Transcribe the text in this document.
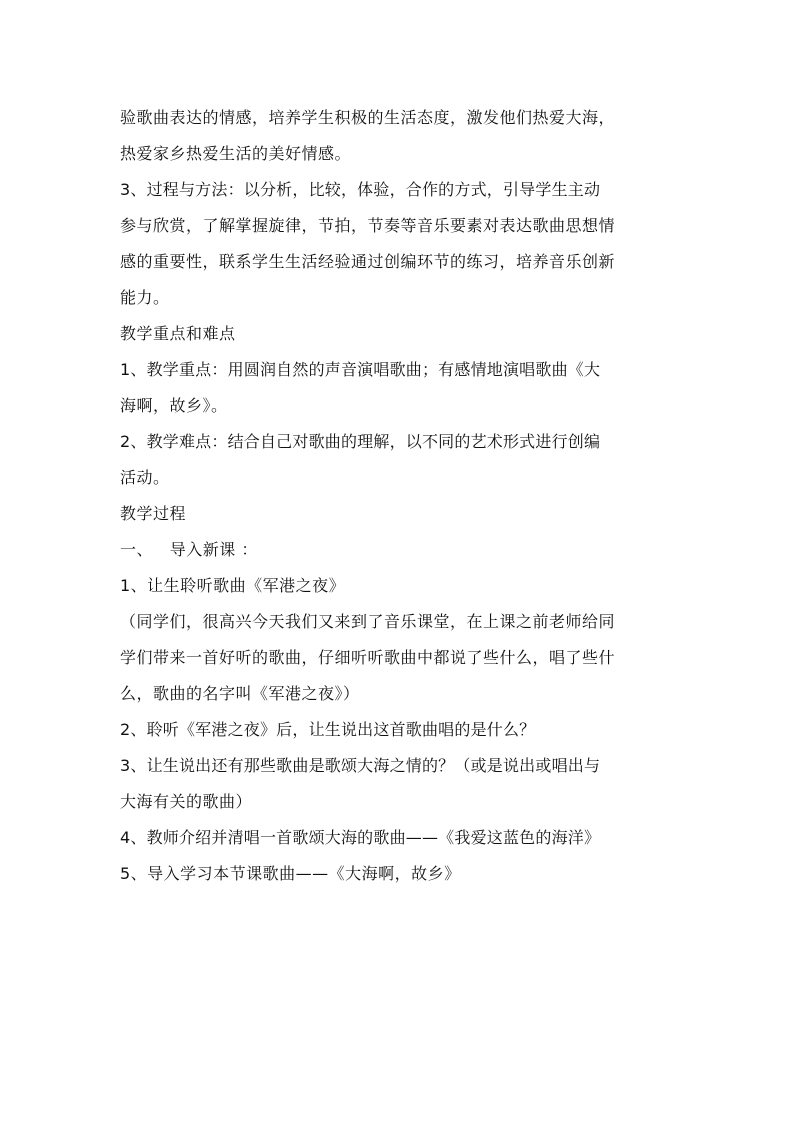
验歌曲表达的情感，培养学生积极的生活态度，激发他们热爱大海，
热爱家乡热爱生活的美好情感。
3、过程与方法：以分析，比较，体验，合作的方式，引导学生主动
参与欣赏，了解掌握旋律，节拍，节奏等音乐要素对表达歌曲思想情
感的重要性，联系学生生活经验通过创编环节的练习，培养音乐创新
能力。
教学重点和难点
1、教学重点：用圆润自然的声音演唱歌曲；有感情地演唱歌曲《大
海啊，故乡》。
2、教学难点：结合自己对歌曲的理解，以不同的艺术形式进行创编
活动。
教学过程
一、   导入新课 ：
1、让生聆听歌曲《军港之夜》
（同学们，很高兴今天我们又来到了音乐课堂，在上课之前老师给同
学们带来一首好听的歌曲，仔细听听歌曲中都说了些什么，唱了些什
么，歌曲的名字叫《军港之夜》）
2、聆听《军港之夜》后，让生说出这首歌曲唱的是什么？
3、让生说出还有那些歌曲是歌颂大海之情的？（或是说出或唱出与
大海有关的歌曲）
4、教师介绍并清唱一首歌颂大海的歌曲——《我爱这蓝色的海洋》
5、导入学习本节课歌曲——《大海啊，故乡》
